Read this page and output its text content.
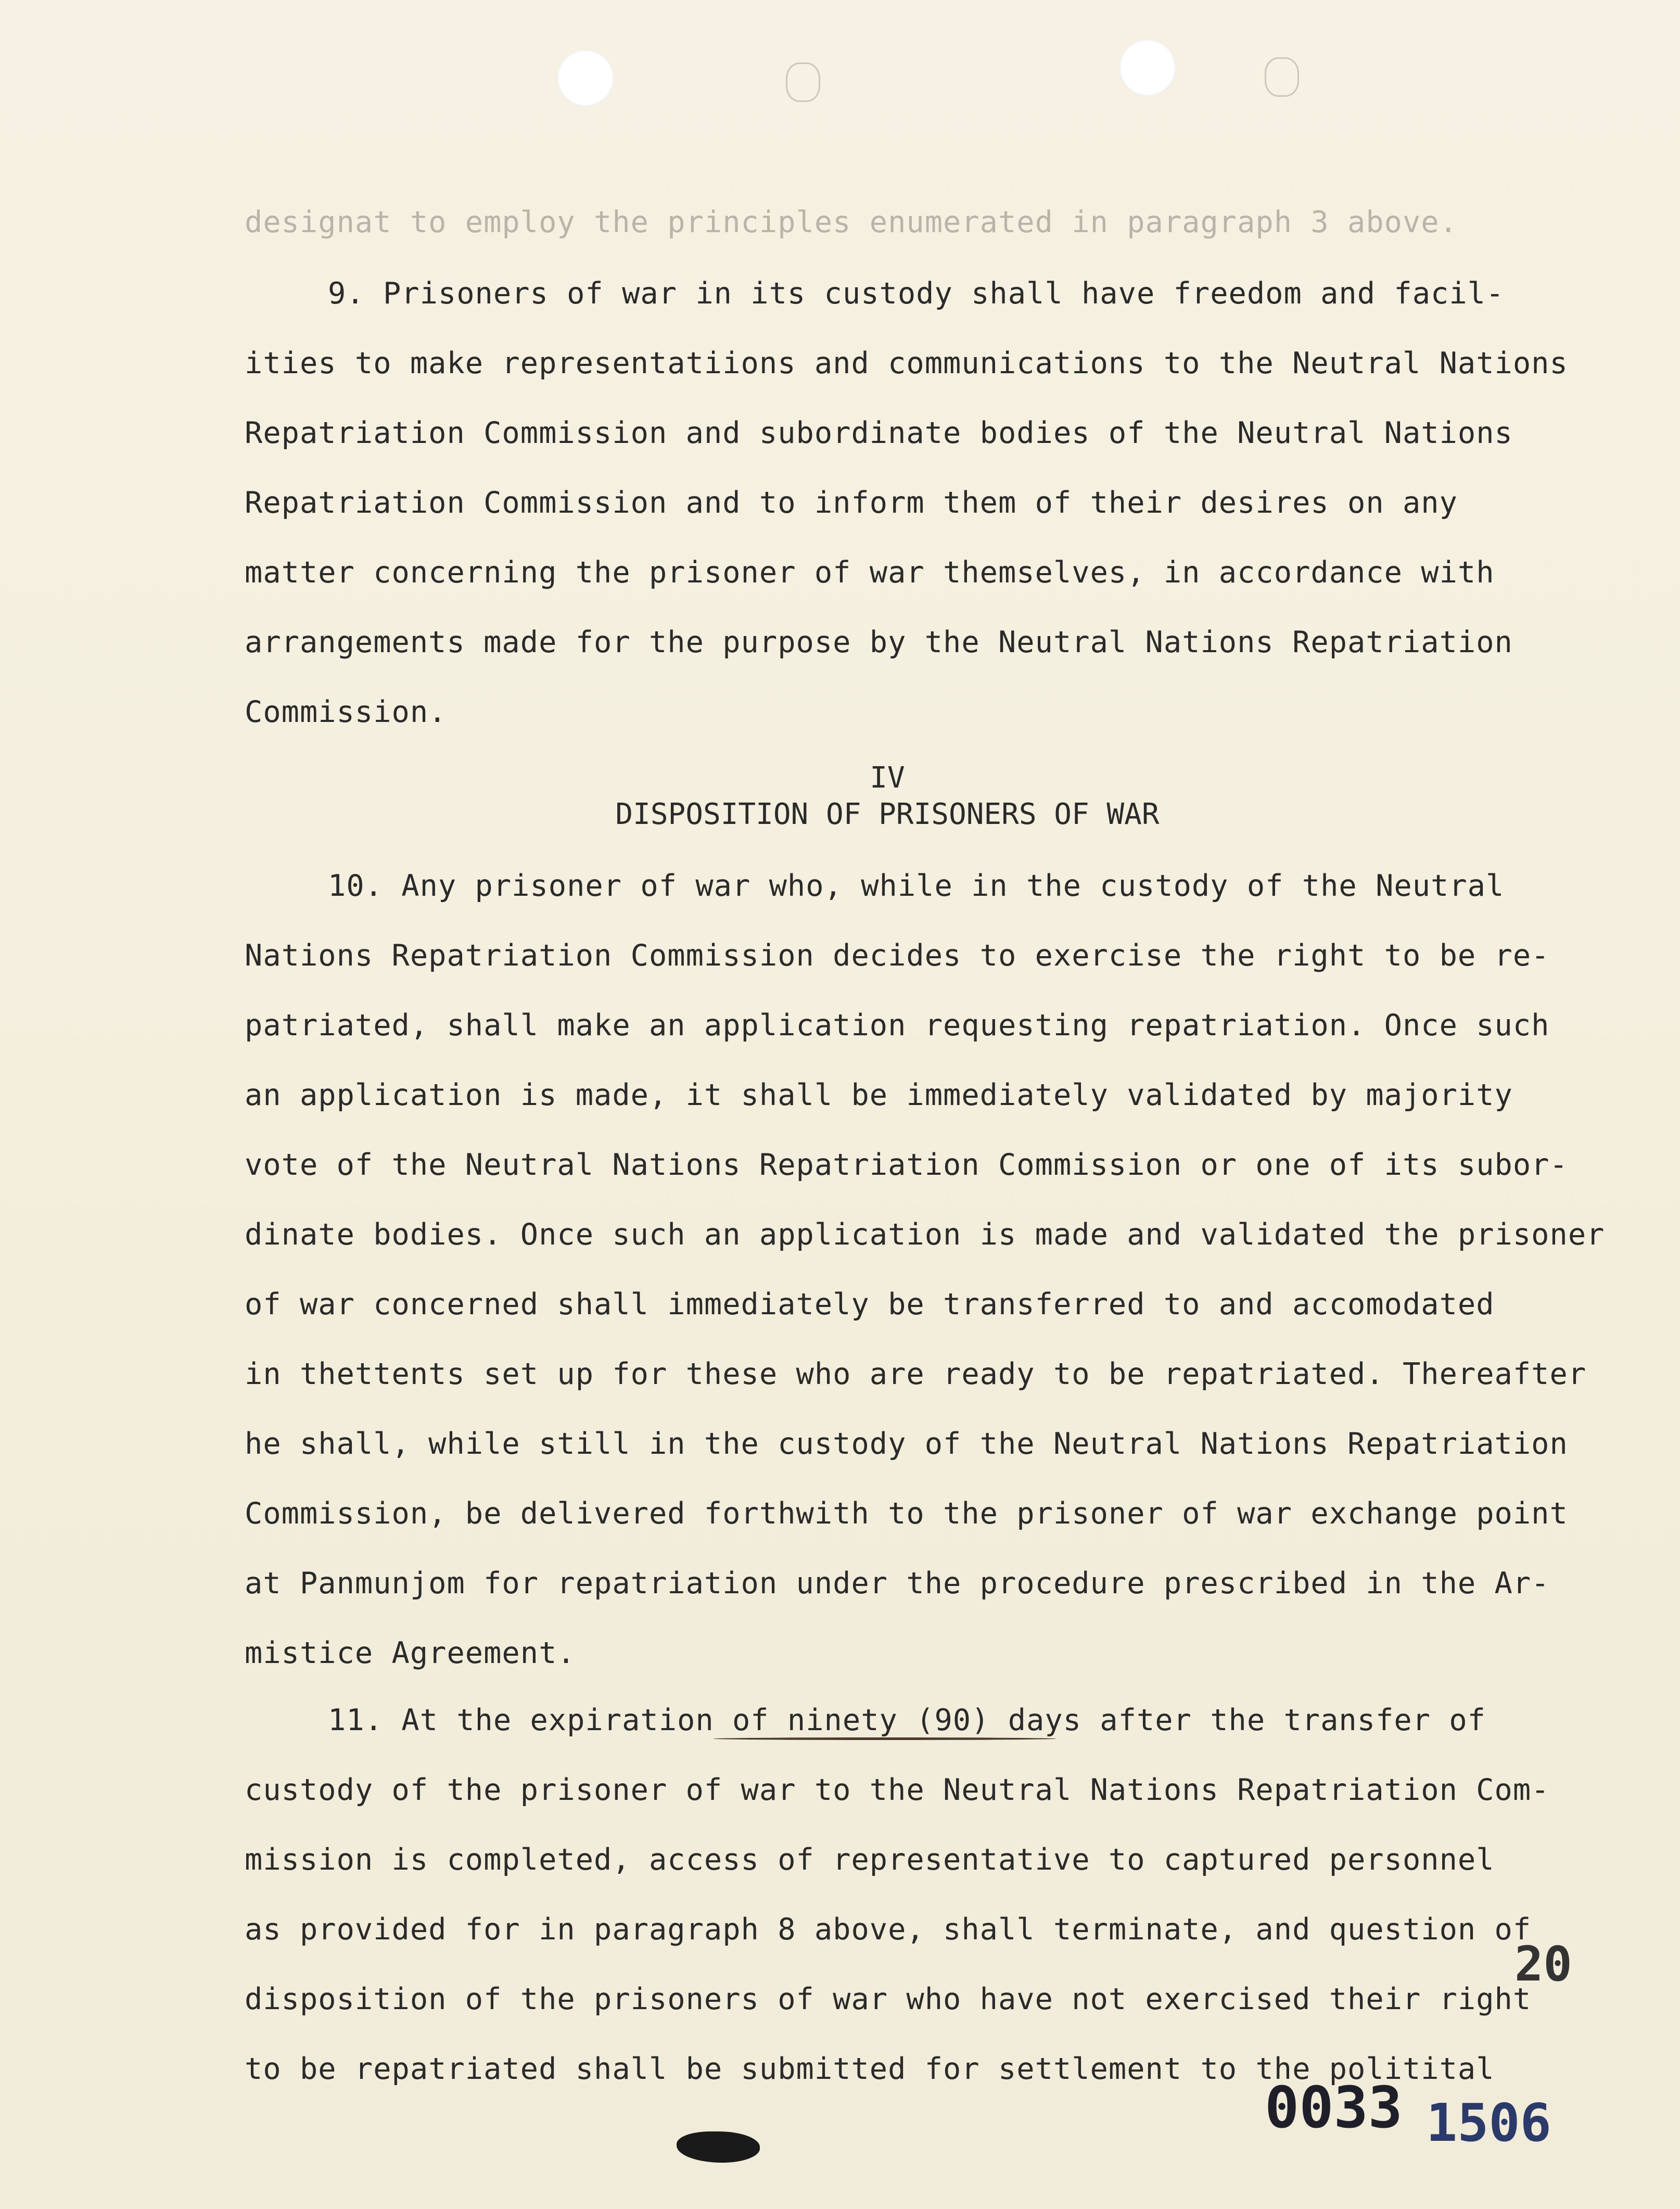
designat to employ the principles enumerated in paragraph 3 above.
9. Prisoners of war in its custody shall have freedom and facil-
ities to make representatiions and communications to the Neutral Nations
Repatriation Commission and subordinate bodies of the Neutral Nations
Repatriation Commission and to inform them of their desires on any
matter concerning the prisoner of war themselves, in accordance with
arrangements made for the purpose by the Neutral Nations Repatriation
Commission.
IV
DISPOSITION OF PRISONERS OF WAR
10. Any prisoner of war who, while in the custody of the Neutral
Nations Repatriation Commission decides to exercise the right to be re-
patriated, shall make an application requesting repatriation. Once such
an application is made, it shall be immediately validated by majority
vote of the Neutral Nations Repatriation Commission or one of its subor-
dinate bodies. Once such an application is made and validated the prisoner
of war concerned shall immediately be transferred to and accomodated
in thettents set up for these who are ready to be repatriated. Thereafter
he shall, while still in the custody of the Neutral Nations Repatriation
Commission, be delivered forthwith to the prisoner of war exchange point
at Panmunjom for repatriation under the procedure prescribed in the Ar-
mistice Agreement.
11. At the expiration of ninety (90) days after the transfer of
custody of the prisoner of war to the Neutral Nations Repatriation Com-
mission is completed, access of representative to captured personnel
as provided for in paragraph 8 above, shall terminate, and question of
disposition of the prisoners of war who have not exercised their right
to be repatriated shall be submitted for settlement to the politital
20
0033 1506
